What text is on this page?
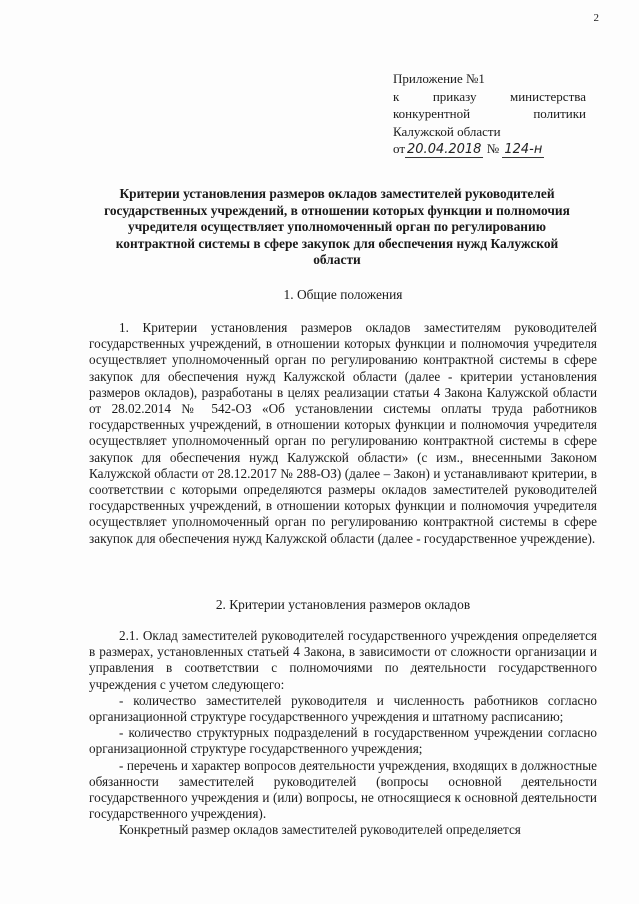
2
Приложение №1
к приказу министерства
конкурентной политики
Калужской области
от 20.04.2018 № 124-н
Критерии установления размеров окладов заместителей руководителей государственных учреждений, в отношении которых функции и полномочия учредителя осуществляет уполномоченный орган по регулированию контрактной системы в сфере закупок для обеспечения нужд Калужской области
1. Общие положения

1. Критерии установления размеров окладов заместителям руководителей государственных учреждений, в отношении которых функции и полномочия учредителя осуществляет уполномоченный орган по регулированию контрактной системы в сфере закупок для обеспечения нужд Калужской области (далее - критерии установления размеров окладов), разработаны в целях реализации статьи 4 Закона Калужской области от 28.02.2014 № 542-ОЗ «Об установлении системы оплаты труда работников государственных учреждений, в отношении которых функции и полномочия учредителя осуществляет уполномоченный орган по регулированию контрактной системы в сфере закупок для обеспечения нужд Калужской области» (с изм., внесенными Законом Калужской области от 28.12.2017 № 288-ОЗ) (далее – Закон) и устанавливают критерии, в соответствии с которыми определяются размеры окладов заместителей руководителей государственных учреждений, в отношении которых функции и полномочия учредителя осуществляет уполномоченный орган по регулированию контрактной системы в сфере закупок для обеспечения нужд Калужской области (далее - государственное учреждение).

2. Критерии установления размеров окладов

2.1. Оклад заместителей руководителей государственного учреждения определяется в размерах, установленных статьей 4 Закона, в зависимости от сложности организации и управления в соответствии с полномочиями по деятельности государственного учреждения с учетом следующего:

- количество заместителей руководителя и численность работников согласно организационной структуре государственного учреждения и штатному расписанию;

- количество структурных подразделений в государственном учреждении согласно организационной структуре государственного учреждения;

- перечень и характер вопросов деятельности учреждения, входящих в должностные обязанности заместителей руководителей (вопросы основной деятельности государственного учреждения и (или) вопросы, не относящиеся к основной деятельности государственного учреждения).

Конкретный размер окладов заместителей руководителей определяется
